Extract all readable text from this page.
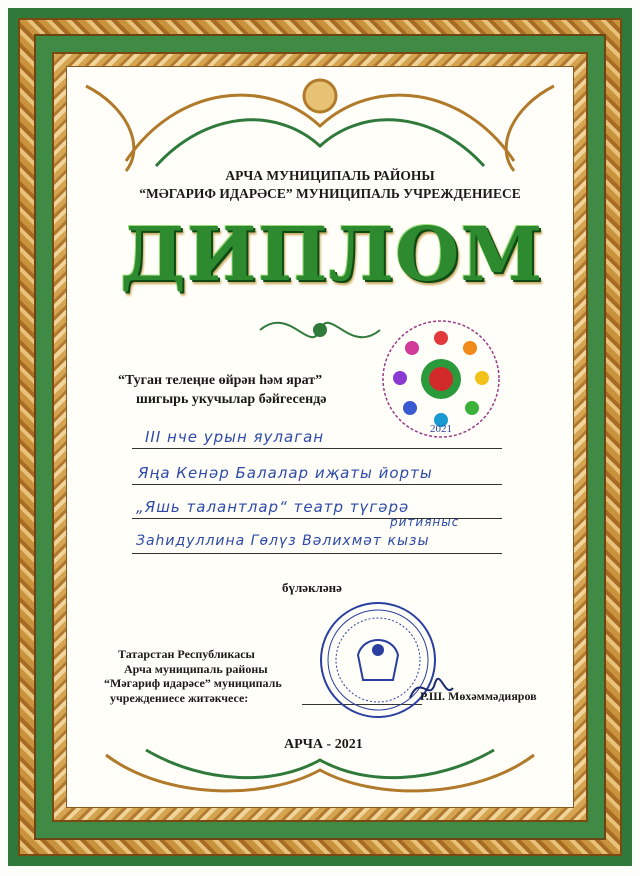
АРЧА МУНИЦИПАЛЬ РАЙОНЫ
“МӘГАРИФ ИДАРӘСЕ” МУНИЦИПАЛЬ УЧРЕЖДЕНИЕСЕ
ДИПЛОМ
“Туган телеңне өйрән һәм ярат”
шигырь укучылар бәйгесендә
2021
III нче урын яулаган
Яңа Кенәр Балалар иҗаты йорты
„Яшь талантлар“ театр түгәрә
ритияныс
Заһидуллина Гөлүз Вәлихмәт кызы
бүләкләнә
Татарстан Республикасы
Арча муниципаль районы
“Мәгариф идарәсе” муниципаль
учреждениесе житәкчесе:	Р.Ш. Мөхәммәдияров
АРЧА - 2021
